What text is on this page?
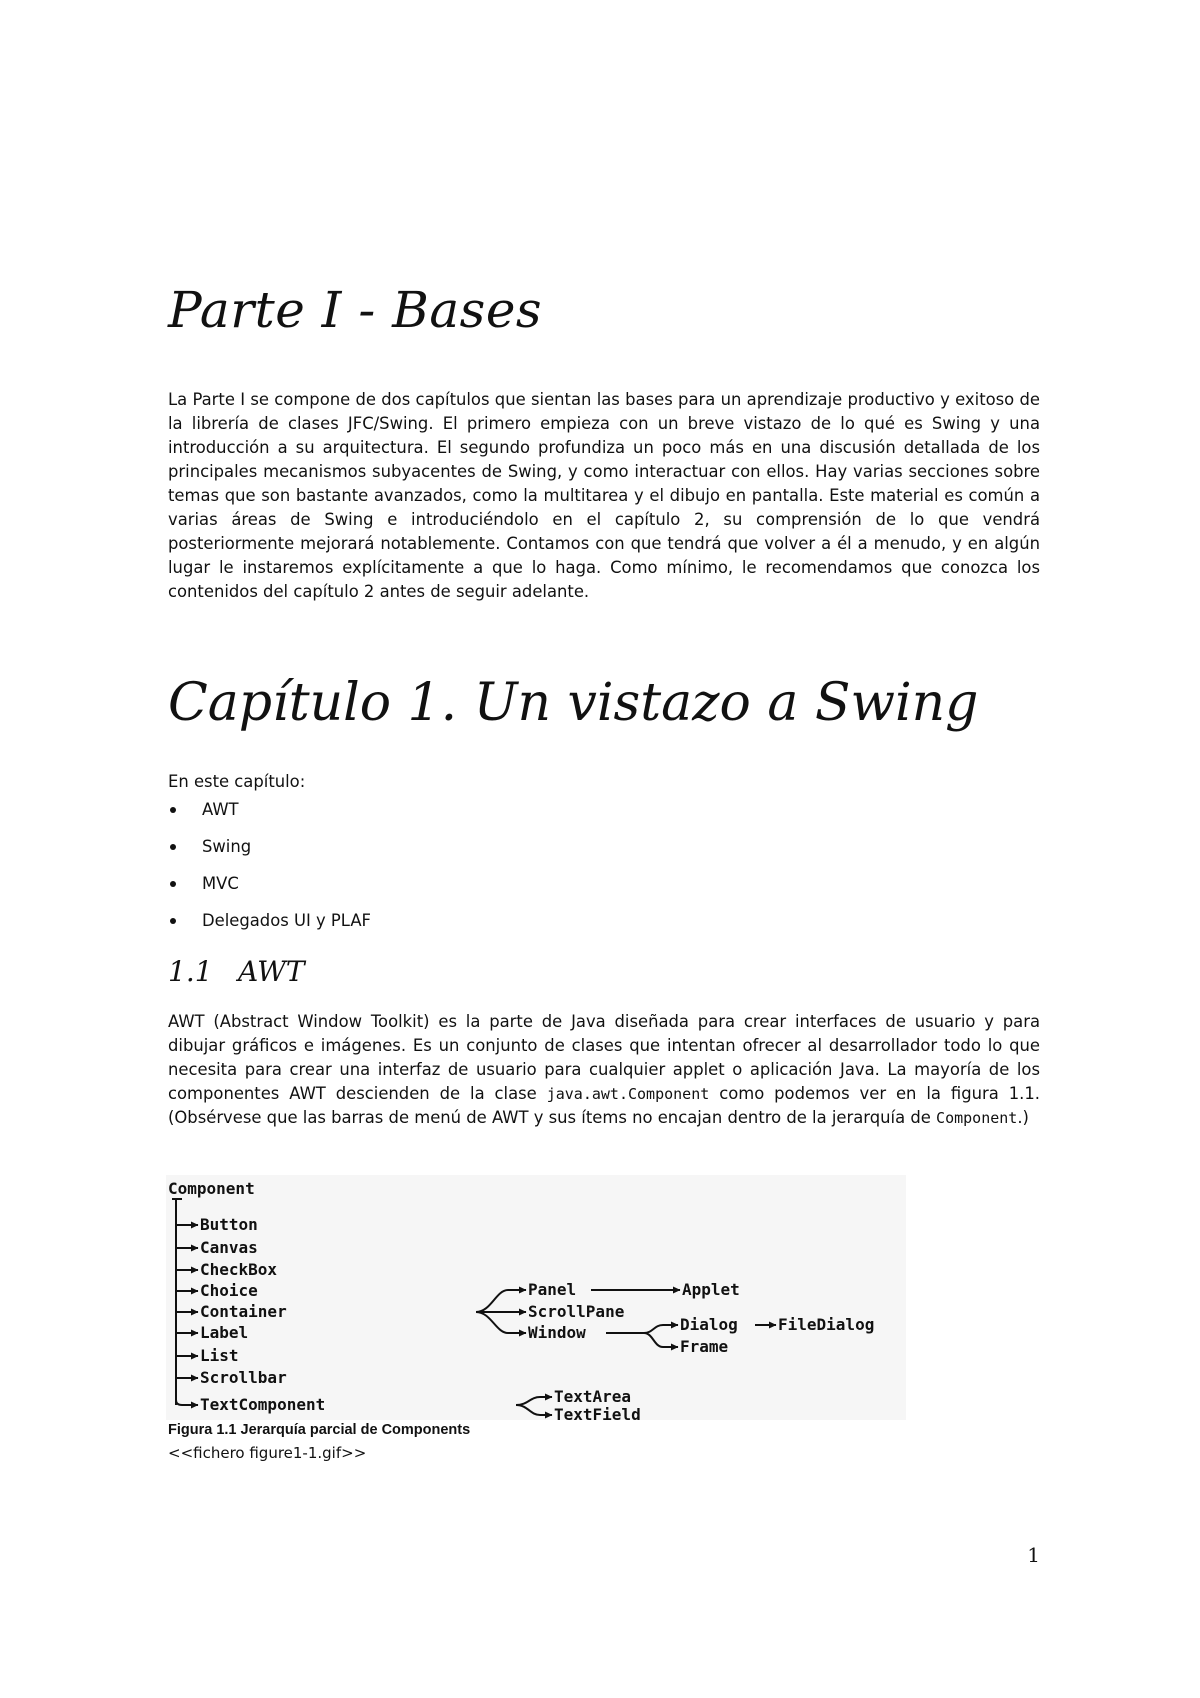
Parte I - Bases

La Parte I se compone de dos capítulos que sientan las bases para un aprendizaje productivo y exitoso de la librería de clases JFC/Swing. El primero empieza con un breve vistazo de lo qué es Swing y una introducción a su arquitectura. El segundo profundiza un poco más en una discusión detallada de los principales mecanismos subyacentes de Swing, y como interactuar con ellos. Hay varias secciones sobre temas que son bastante avanzados, como la multitarea y el dibujo en pantalla. Este material es común a varias áreas de Swing e introduciéndolo en el capítulo 2, su comprensión de lo que vendrá posteriormente mejorará notablemente. Contamos con que tendrá que volver a él a menudo, y en algún lugar le instaremos explícitamente a que lo haga. Como mínimo, le recomendamos que conozca los contenidos del capítulo 2 antes de seguir adelante.

Capítulo 1. Un vistazo a Swing

En este capítulo:

AWT
Swing
MVC
Delegados UI y PLAF
1.1 AWT

AWT (Abstract Window Toolkit) es la parte de Java diseñada para crear interfaces de usuario y para dibujar gráficos e imágenes. Es un conjunto de clases que intentan ofrecer al desarrollador todo lo que necesita para crear una interfaz de usuario para cualquier applet o aplicación Java. La mayoría de los componentes AWT descienden de la clase java.awt.Component como podemos ver en la figura 1.1. (Obsérvese que las barras de menú de AWT y sus ítems no encajan dentro de la jerarquía de Component.)

Component
Button
Canvas
CheckBox
Choice
Container
Label
List
Scrollbar
TextComponent
Panel
ScrollPane
Window
Applet
Dialog
Frame
FileDialog
TextArea
TextField

Figura 1.1 Jerarquía parcial de Components

<<fichero figure1-1.gif>>

1
